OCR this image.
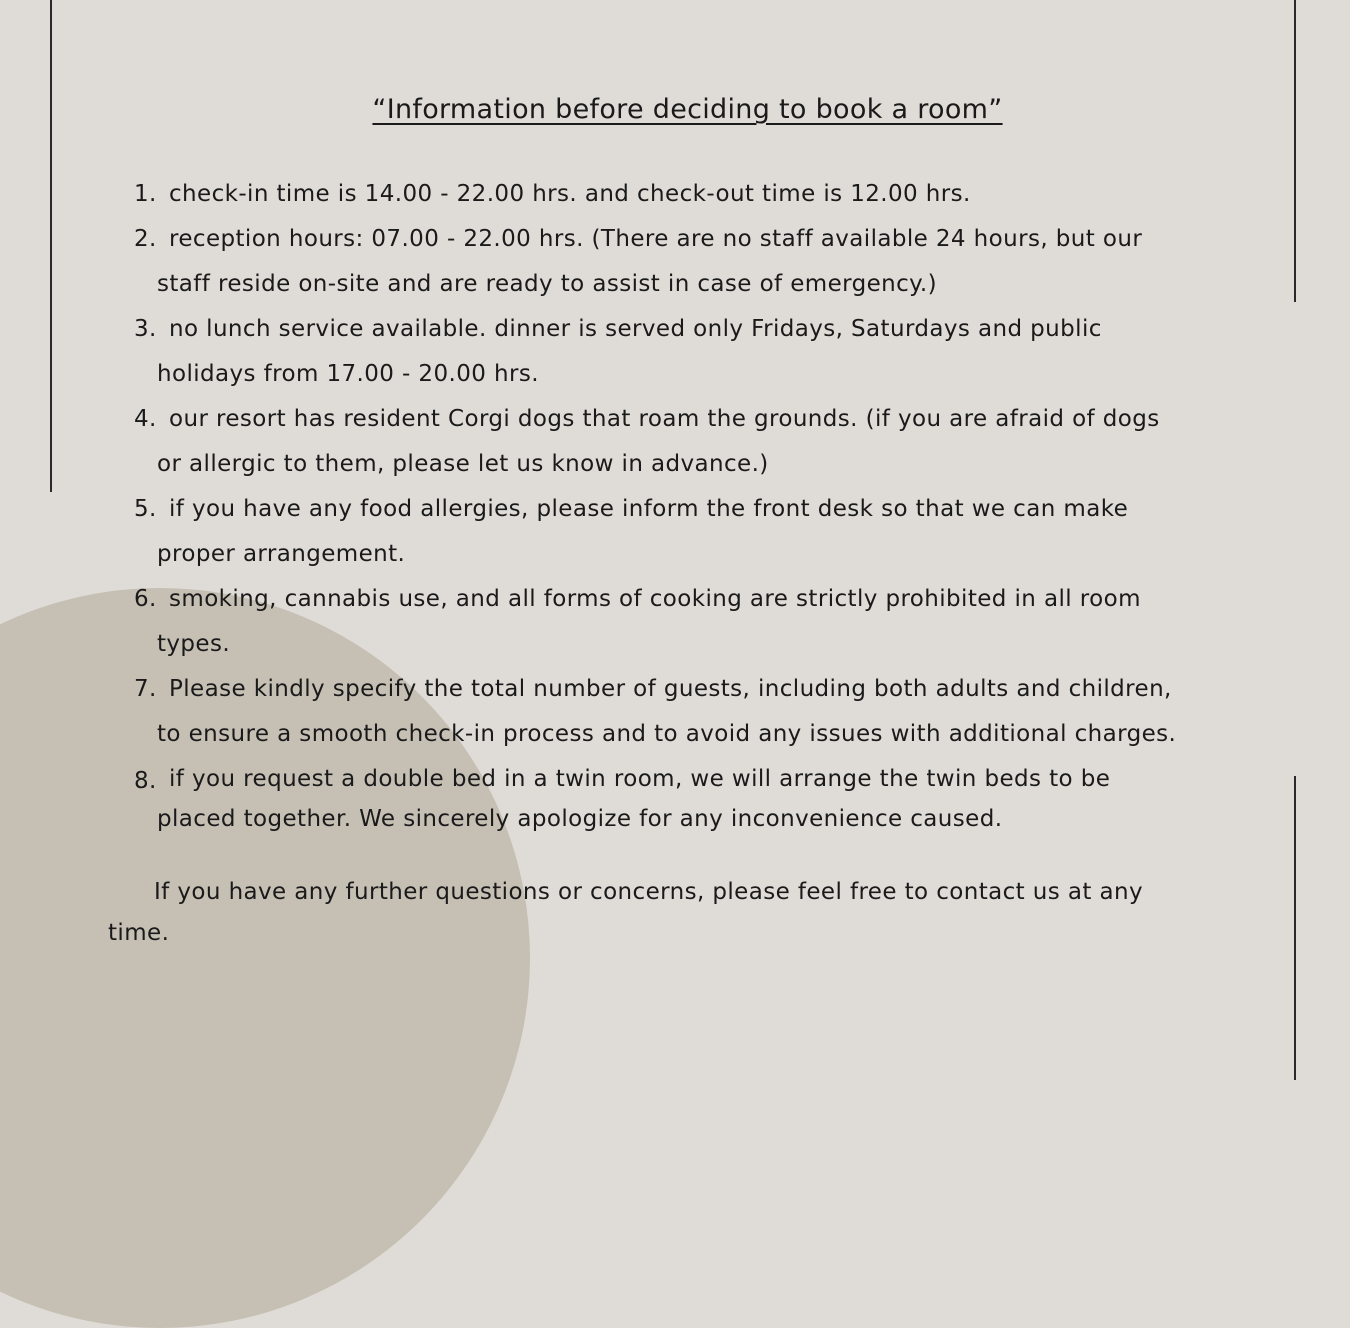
“Information before deciding to book a room”
1. check-in time is 14.00 - 22.00 hrs. and check-out time is 12.00 hrs.
2. reception hours: 07.00 - 22.00 hrs. (There are no staff available 24 hours, but our
staff reside on-site and are ready to assist in case of emergency.)
3. no lunch service available. dinner is served only Fridays, Saturdays and public
holidays from 17.00 - 20.00 hrs.
4. our resort has resident Corgi dogs that roam the grounds. (if you are afraid of dogs
or allergic to them, please let us know in advance.)
5. if you have any food allergies, please inform the front desk so that we can make
proper arrangement.
6. smoking, cannabis use, and all forms of cooking are strictly prohibited in all room
types.
7. Please kindly specify the total number of guests, including both adults and children,
to ensure a smooth check-in process and to avoid any issues with additional charges.
8. if you request a double bed in a twin room, we will arrange the twin beds to be
placed together. We sincerely apologize for any inconvenience caused.

If you have any further questions or concerns, please feel free to contact us at any
time.
